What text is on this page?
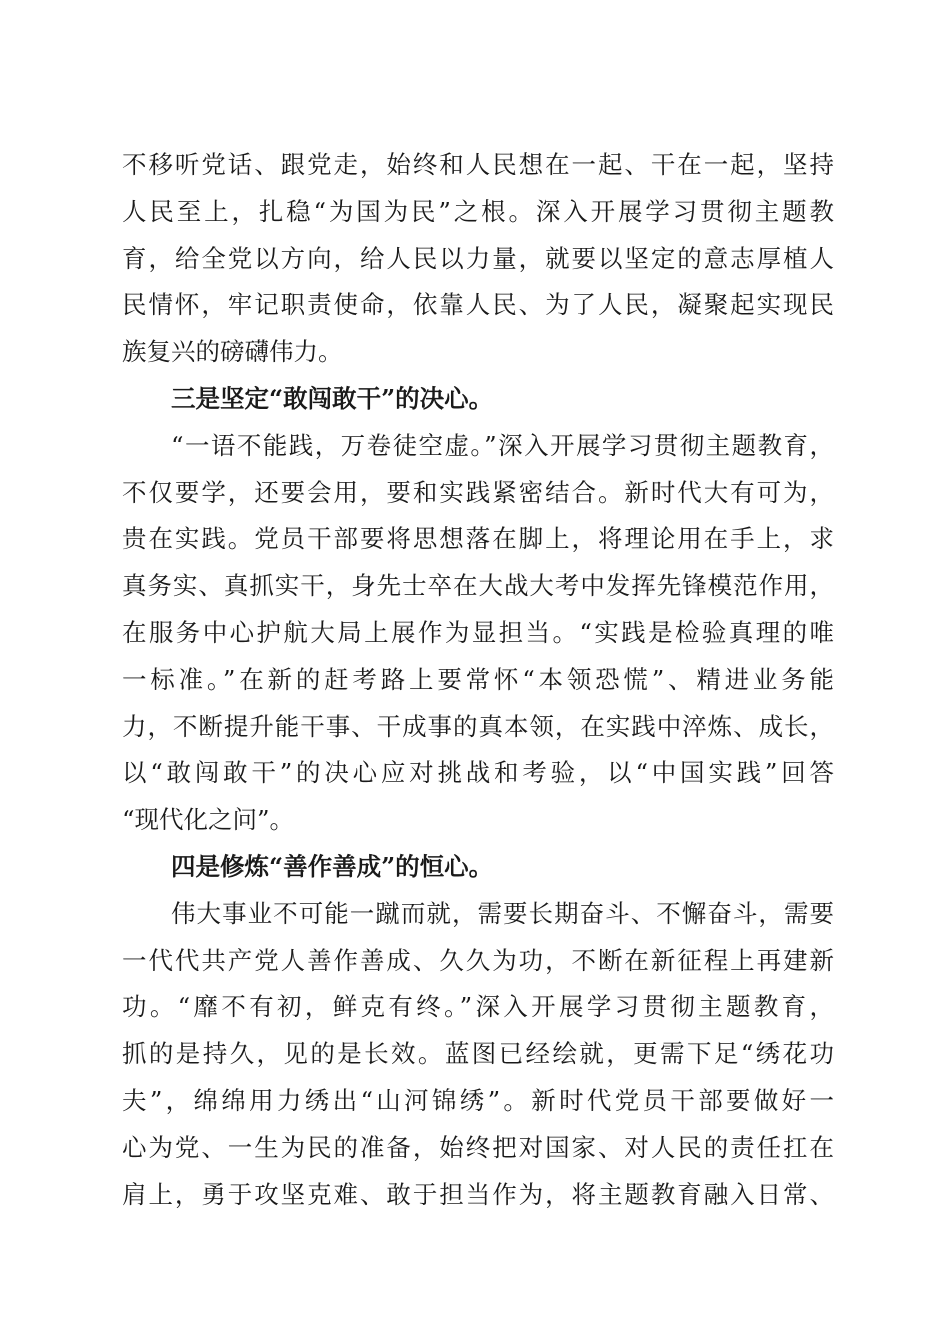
不移听党话、跟党走，始终和人民想在一起、干在一起，坚持
人民至上，扎稳“为国为民”之根。深入开展学习贯彻主题教
育，给全党以方向，给人民以力量，就要以坚定的意志厚植人
民情怀，牢记职责使命，依靠人民、为了人民，凝聚起实现民
族复兴的磅礴伟力。
三是坚定“敢闯敢干”的决心。
“一语不能践，万卷徒空虚。”深入开展学习贯彻主题教育，
不仅要学，还要会用，要和实践紧密结合。新时代大有可为，
贵在实践。党员干部要将思想落在脚上，将理论用在手上，求
真务实、真抓实干，身先士卒在大战大考中发挥先锋模范作用，
在服务中心护航大局上展作为显担当。“实践是检验真理的唯
一标准。”在新的赶考路上要常怀“本领恐慌”、精进业务能
力，不断提升能干事、干成事的真本领，在实践中淬炼、成长，
以“敢闯敢干”的决心应对挑战和考验，以“中国实践”回答
“现代化之问”。
四是修炼“善作善成”的恒心。
伟大事业不可能一蹴而就，需要长期奋斗、不懈奋斗，需要
一代代共产党人善作善成、久久为功，不断在新征程上再建新
功。“靡不有初，鲜克有终。”深入开展学习贯彻主题教育，
抓的是持久，见的是长效。蓝图已经绘就，更需下足“绣花功
夫”，绵绵用力绣出“山河锦绣”。新时代党员干部要做好一
心为党、一生为民的准备，始终把对国家、对人民的责任扛在
肩上，勇于攻坚克难、敢于担当作为，将主题教育融入日常、
